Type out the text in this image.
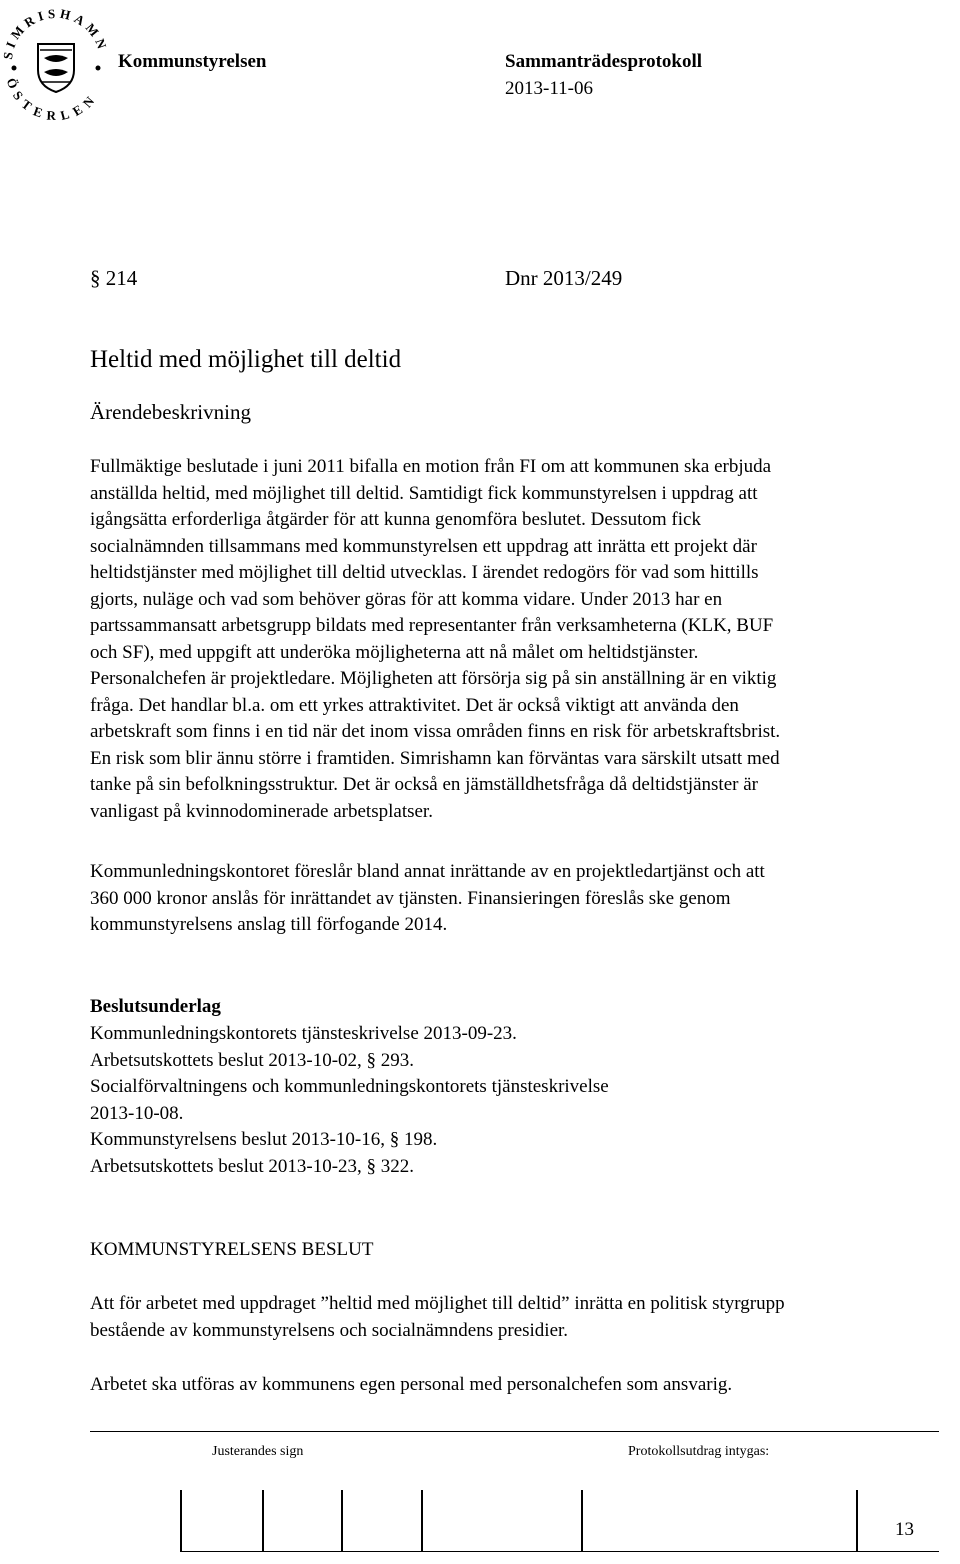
SIMRISHAMN
ÖSTERLEN
Kommunstyrelsen	Sammanträdesprotokoll
2013-11-06
§ 214	Dnr 2013/249
Heltid med möjlighet till deltid
Ärendebeskrivning
Fullmäktige beslutade i juni 2011 bifalla en motion från FI om att kommunen ska erbjuda
anställda heltid, med möjlighet till deltid. Samtidigt fick kommunstyrelsen i uppdrag att
igångsätta erforderliga åtgärder för att kunna genomföra beslutet. Dessutom fick
socialnämnden tillsammans med kommunstyrelsen ett uppdrag att inrätta ett projekt där
heltidstjänster med möjlighet till deltid utvecklas. I ärendet redogörs för vad som hittills
gjorts, nuläge och vad som behöver göras för att komma vidare. Under 2013 har en
partssammansatt arbetsgrupp bildats med representanter från verksamheterna (KLK, BUF
och SF), med uppgift att underöka möjligheterna att nå målet om heltidstjänster.
Personalchefen är projektledare. Möjligheten att försörja sig på sin anställning är en viktig
fråga. Det handlar bl.a. om ett yrkes attraktivitet. Det är också viktigt att använda den
arbetskraft som finns i en tid när det inom vissa områden finns en risk för arbetskraftsbrist.
En risk som blir ännu större i framtiden. Simrishamn kan förväntas vara särskilt utsatt med
tanke på sin befolkningsstruktur. Det är också en jämställdhetsfråga då deltidstjänster är
vanligast på kvinnodominerade arbetsplatser.
Kommunledningskontoret föreslår bland annat inrättande av en projektledartjänst och att
360 000 kronor anslås för inrättandet av tjänsten. Finansieringen föreslås ske genom
kommunstyrelsens anslag till förfogande 2014.
Beslutsunderlag
Kommunledningskontorets tjänsteskrivelse 2013-09-23.
Arbetsutskottets beslut 2013-10-02, § 293.
Socialförvaltningens och kommunledningskontorets tjänsteskrivelse
2013-10-08.
Kommunstyrelsens beslut 2013-10-16, § 198.
Arbetsutskottets beslut 2013-10-23, § 322.
KOMMUNSTYRELSENS BESLUT
Att för arbetet med uppdraget ”heltid med möjlighet till deltid” inrätta en politisk styrgrupp
bestående av kommunstyrelsens och socialnämndens presidier.
Arbetet ska utföras av kommunens egen personal med personalchefen som ansvarig.
Justerandes sign	Protokollsutdrag intygas:
13
